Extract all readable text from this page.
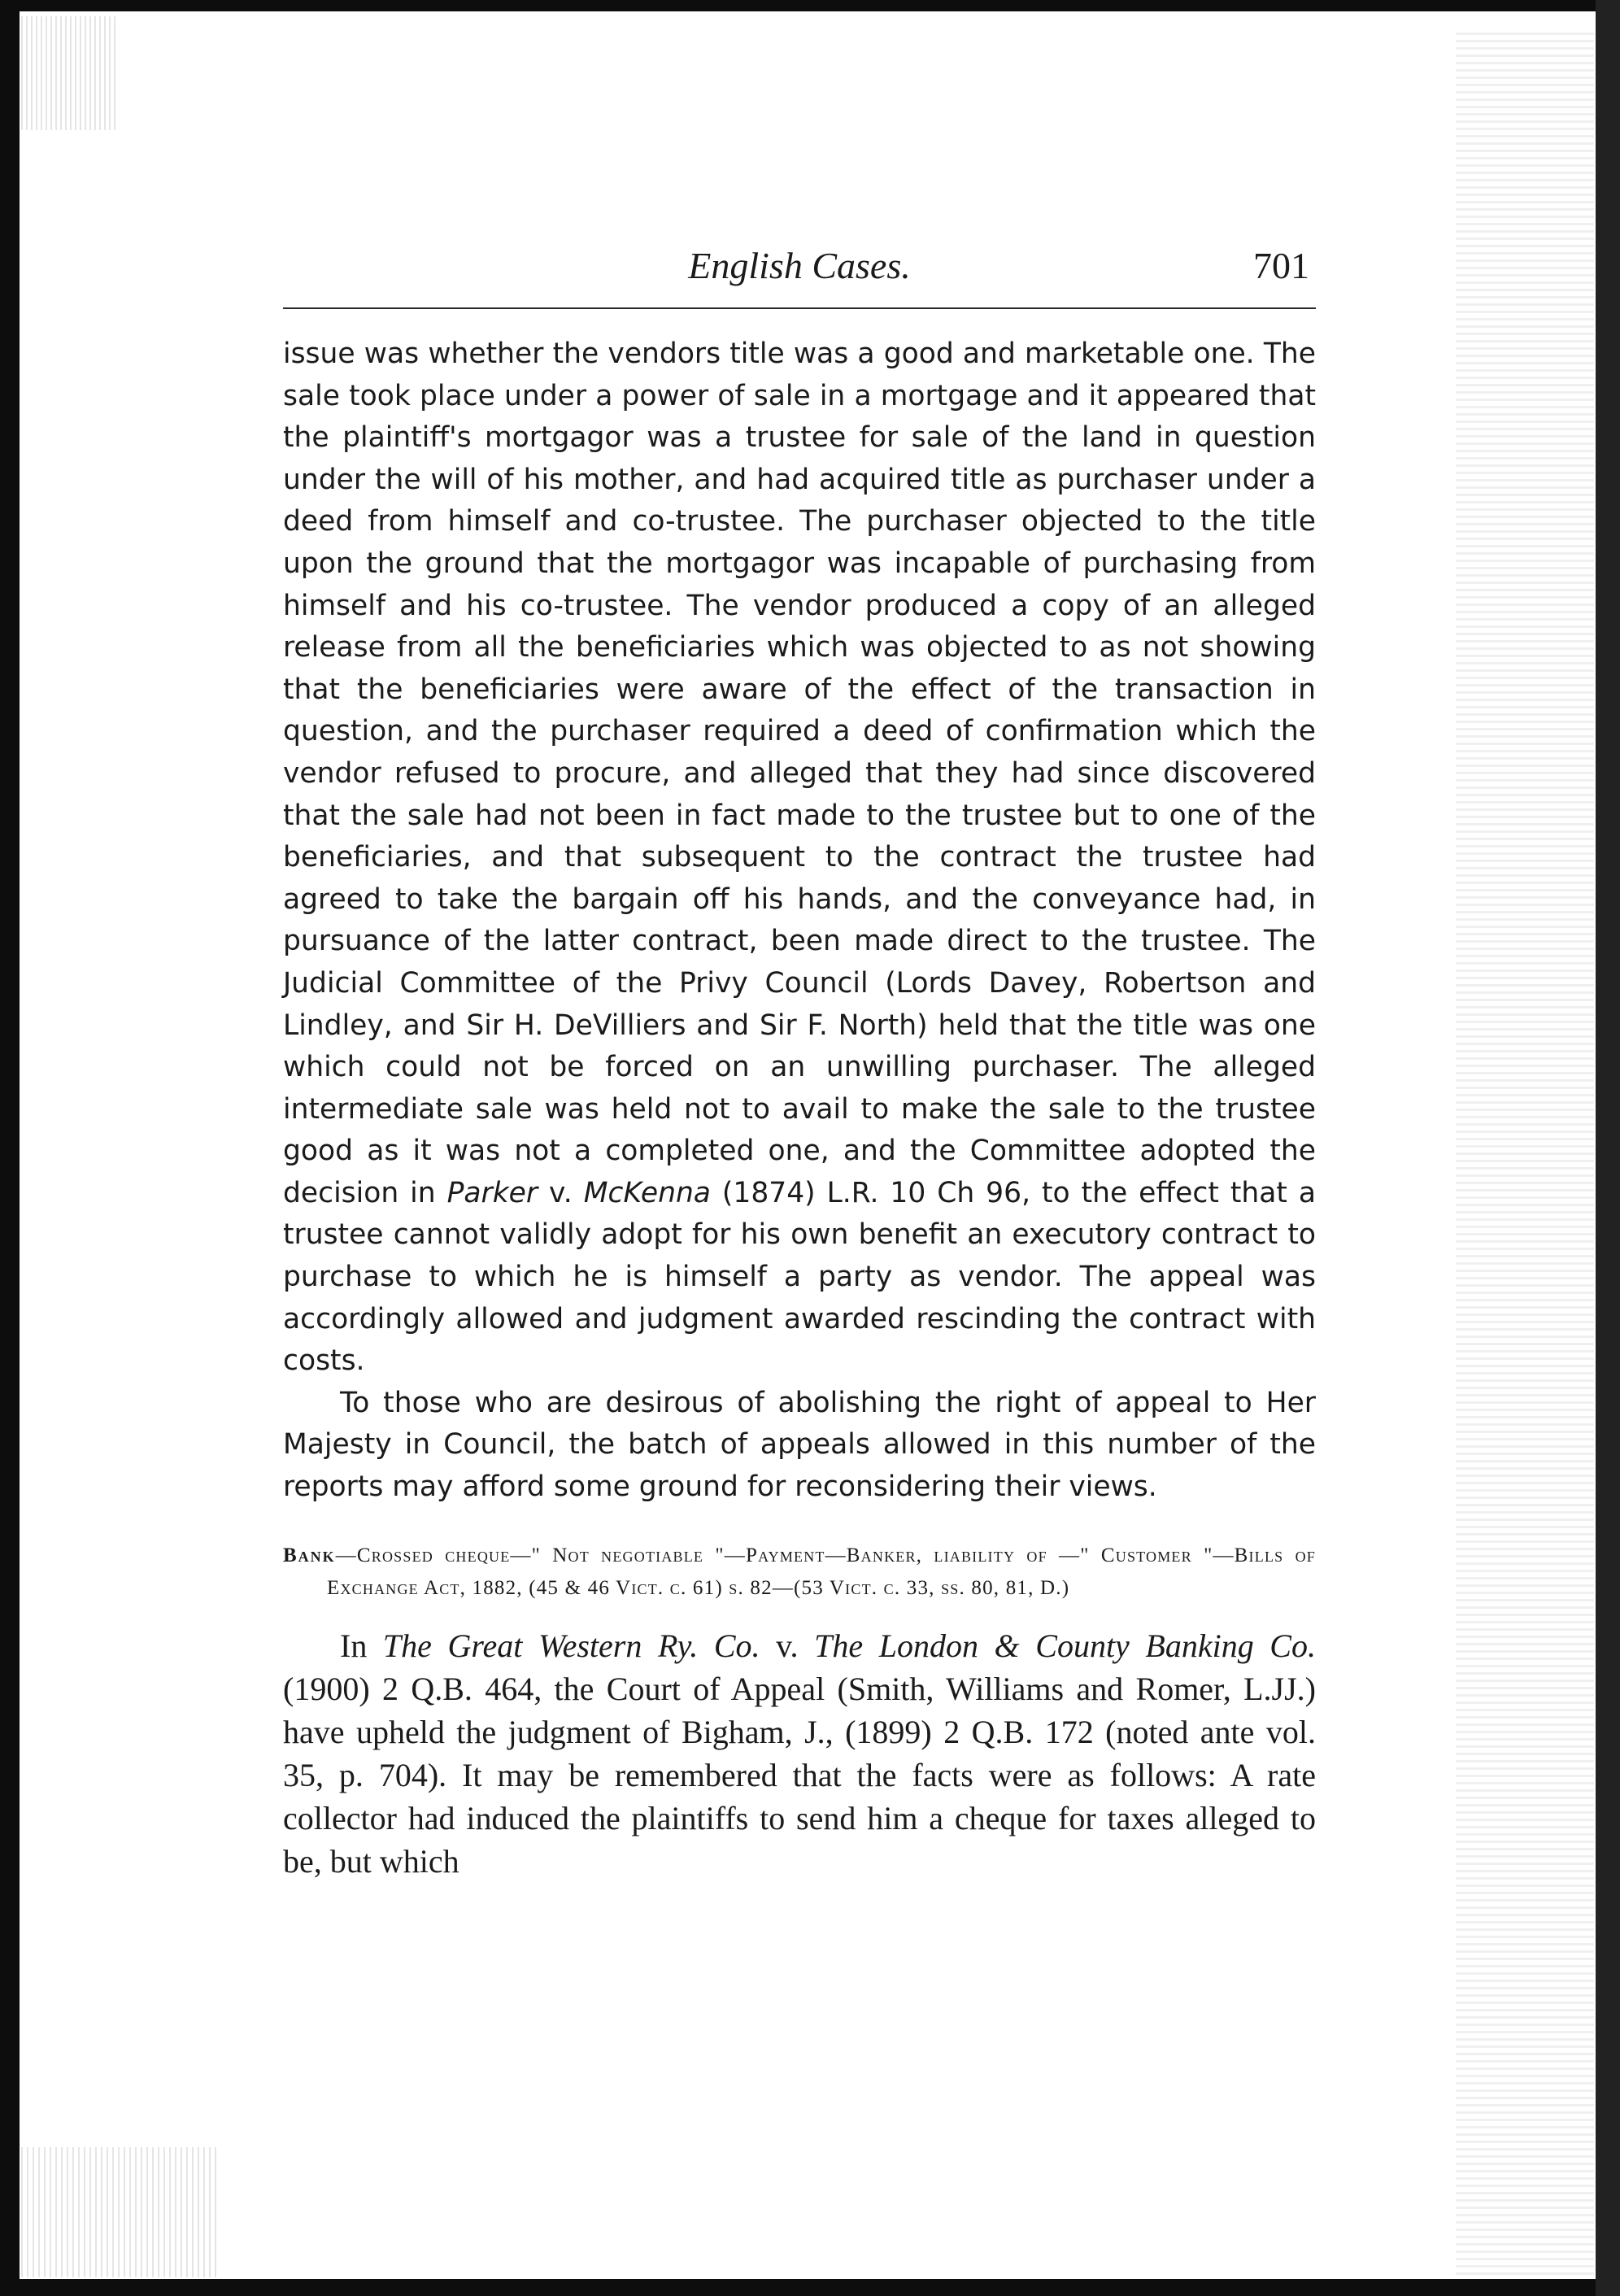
English Cases.	701

issue was whether the vendors title was a good and marketable one. The sale took place under a power of sale in a mortgage and it appeared that the plaintiff's mortgagor was a trustee for sale of the land in question under the will of his mother, and had acquired title as purchaser under a deed from himself and co-trustee. The purchaser objected to the title upon the ground that the mortgagor was incapable of purchasing from himself and his co-trustee. The vendor produced a copy of an alleged release from all the beneficiaries which was objected to as not showing that the beneficiaries were aware of the effect of the transaction in question, and the purchaser required a deed of confirmation which the vendor refused to procure, and alleged that they had since discovered that the sale had not been in fact made to the trustee but to one of the beneficiaries, and that subsequent to the contract the trustee had agreed to take the bargain off his hands, and the conveyance had, in pursuance of the latter contract, been made direct to the trustee. The Judicial Committee of the Privy Council (Lords Davey, Robertson and Lindley, and Sir H. DeVilliers and Sir F. North) held that the title was one which could not be forced on an unwilling purchaser. The alleged intermediate sale was held not to avail to make the sale to the trustee good as it was not a completed one, and the Committee adopted the decision in Parker v. McKenna (1874) L.R. 10 Ch 96, to the effect that a trustee cannot validly adopt for his own benefit an executory contract to purchase to which he is himself a party as vendor. The appeal was accordingly allowed and judgment awarded rescinding the contract with costs.

To those who are desirous of abolishing the right of appeal to Her Majesty in Council, the batch of appeals allowed in this number of the reports may afford some ground for reconsidering their views.

Bank—Crossed cheque—" Not negotiable "—Payment—Banker, liability of —" Customer "—Bills of Exchange Act, 1882, (45 & 46 Vict. c. 61) s. 82—(53 Vict. c. 33, ss. 80, 81, D.)

In The Great Western Ry. Co. v. The London & County Banking Co. (1900) 2 Q.B. 464, the Court of Appeal (Smith, Williams and Romer, L.JJ.) have upheld the judgment of Bigham, J., (1899) 2 Q.B. 172 (noted ante vol. 35, p. 704). It may be remembered that the facts were as follows: A rate collector had induced the plaintiffs to send him a cheque for taxes alleged to be, but which
